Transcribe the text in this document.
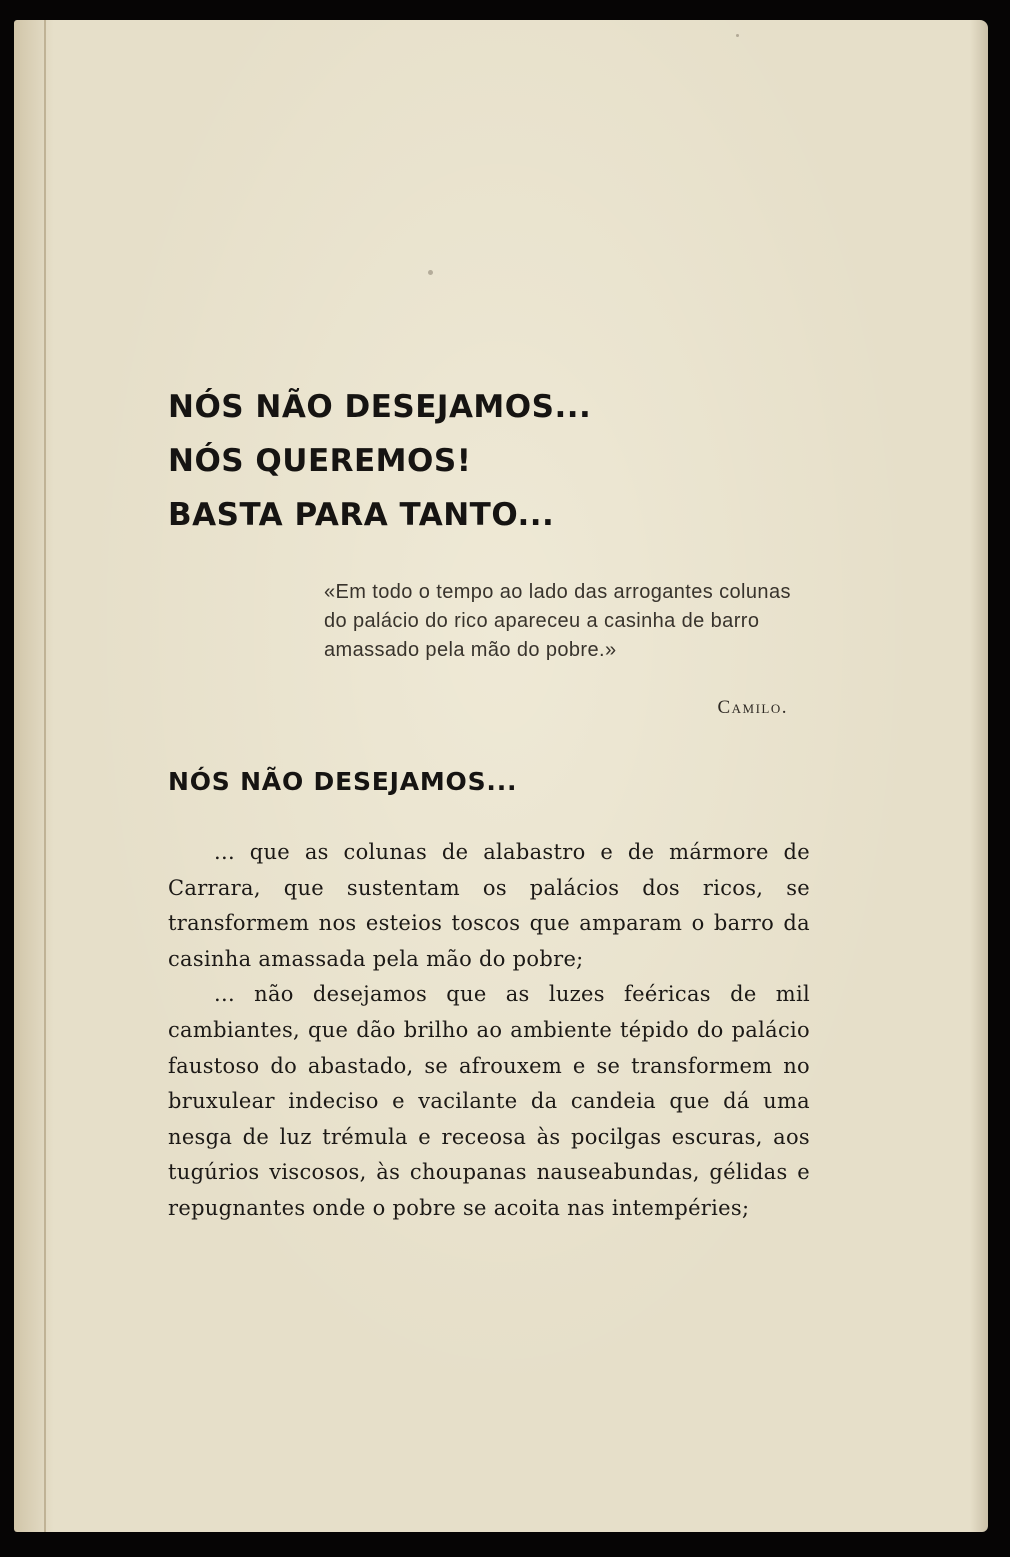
NÓS NÃO DESEJAMOS...
NÓS QUEREMOS!
BASTA PARA TANTO...
«Em todo o tempo ao lado das arrogantes colunas do palácio do rico apareceu a casinha de barro amassado pela mão do pobre.»
Camilo.
NÓS NÃO DESEJAMOS...

... que as colunas de alabastro e de mármore de Carrara, que sustentam os palácios dos ricos, se transformem nos esteios toscos que amparam o barro da casinha amassada pela mão do pobre;

... não desejamos que as luzes feéricas de mil cambiantes, que dão brilho ao ambiente tépido do palácio faustoso do abastado, se afrouxem e se transformem no bruxulear indeciso e vacilante da candeia que dá uma nesga de luz trémula e receosa às pocilgas escuras, aos tugúrios viscosos, às choupanas nauseabundas, gélidas e repugnantes onde o pobre se acoita nas intempéries;
